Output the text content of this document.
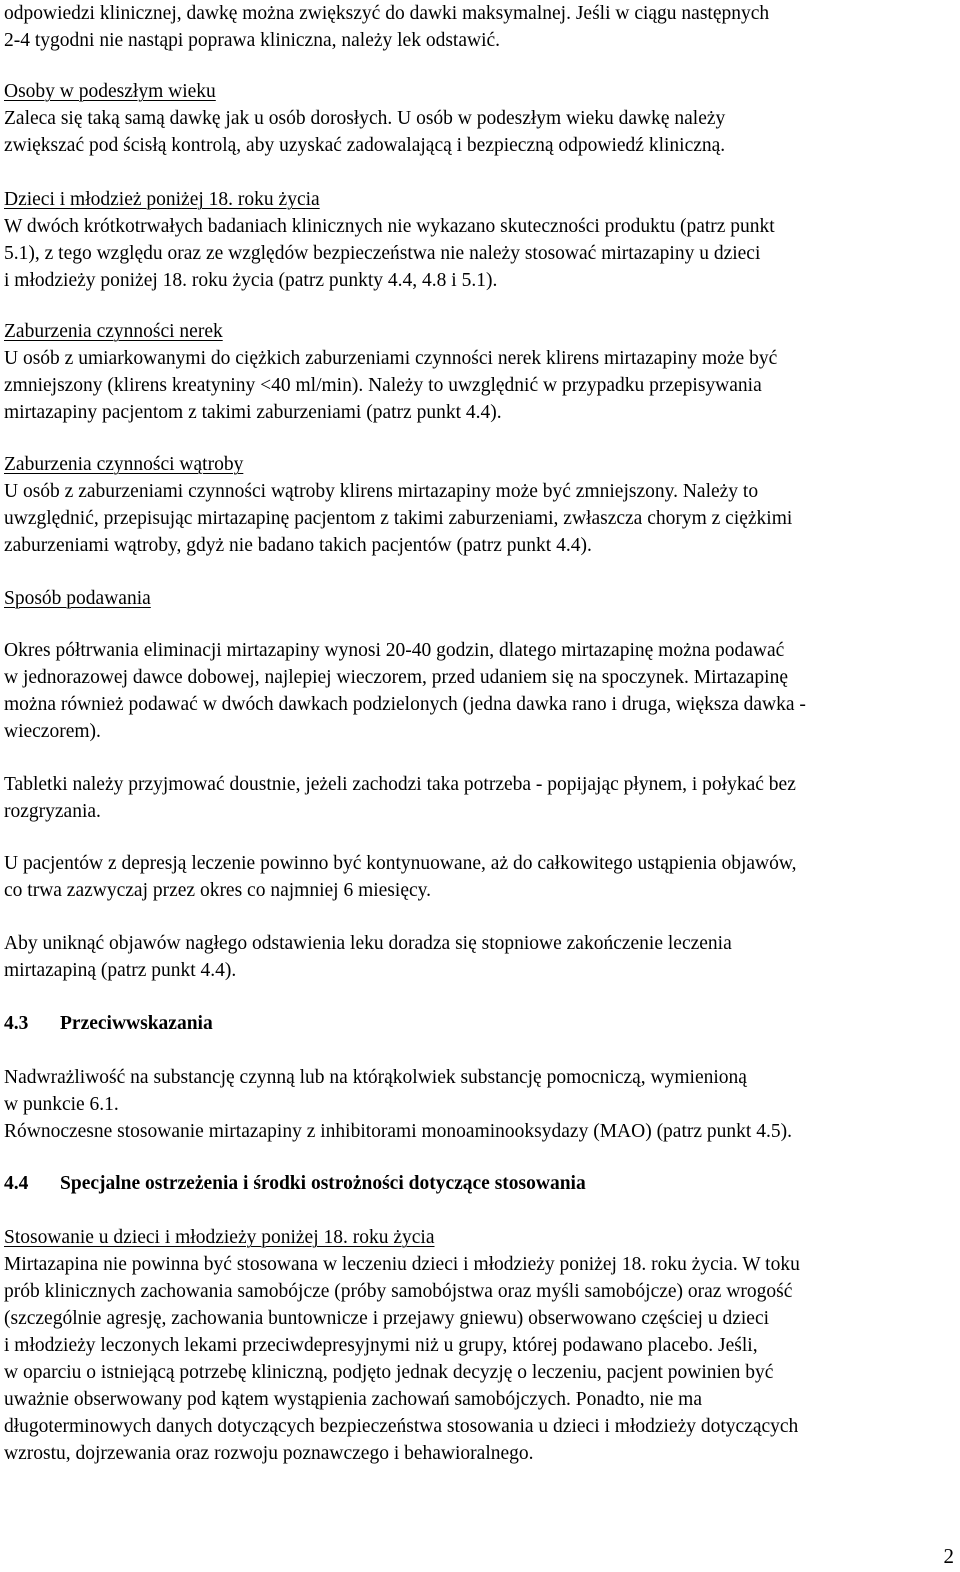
odpowiedzi klinicznej, dawkę można zwiększyć do dawki maksymalnej. Jeśli w ciągu następnych
2-4 tygodni nie nastąpi poprawa kliniczna, należy lek odstawić.
Osoby w podeszłym wieku
Zaleca się taką samą dawkę jak u osób dorosłych. U osób w podeszłym wieku dawkę należy
zwiększać pod ścisłą kontrolą, aby uzyskać zadowalającą i bezpieczną odpowiedź kliniczną.
Dzieci i młodzież poniżej 18. roku życia
W dwóch krótkotrwałych badaniach klinicznych nie wykazano skuteczności produktu (patrz punkt
5.1), z tego względu oraz ze względów bezpieczeństwa nie należy stosować mirtazapiny u dzieci
i młodzieży poniżej 18. roku życia (patrz punkty 4.4, 4.8 i 5.1).
Zaburzenia czynności nerek
U osób z umiarkowanymi do ciężkich zaburzeniami czynności nerek klirens mirtazapiny może być
zmniejszony (klirens kreatyniny <40 ml/min). Należy to uwzględnić w przypadku przepisywania
mirtazapiny pacjentom z takimi zaburzeniami (patrz punkt 4.4).
Zaburzenia czynności wątroby
U osób z zaburzeniami czynności wątroby klirens mirtazapiny może być zmniejszony. Należy to
uwzględnić, przepisując mirtazapinę pacjentom z takimi zaburzeniami, zwłaszcza chorym z ciężkimi
zaburzeniami wątroby, gdyż nie badano takich pacjentów (patrz punkt 4.4).
Sposób podawania
Okres półtrwania eliminacji mirtazapiny wynosi 20-40 godzin, dlatego mirtazapinę można podawać
w jednorazowej dawce dobowej, najlepiej wieczorem, przed udaniem się na spoczynek. Mirtazapinę
można również podawać w dwóch dawkach podzielonych (jedna dawka rano i druga, większa dawka -
wieczorem).
Tabletki należy przyjmować doustnie, jeżeli zachodzi taka potrzeba - popijając płynem, i połykać bez
rozgryzania.
U pacjentów z depresją leczenie powinno być kontynuowane, aż do całkowitego ustąpienia objawów,
co trwa zazwyczaj przez okres co najmniej 6 miesięcy.
Aby uniknąć objawów nagłego odstawienia leku doradza się stopniowe zakończenie leczenia
mirtazapiną (patrz punkt 4.4).
4.3 Przeciwwskazania
Nadwrażliwość na substancję czynną lub na którąkolwiek substancję pomocniczą, wymienioną
w punkcie 6.1.
Równoczesne stosowanie mirtazapiny z inhibitorami monoaminooksydazy (MAO) (patrz punkt 4.5).
4.4 Specjalne ostrzeżenia i środki ostrożności dotyczące stosowania
Stosowanie u dzieci i młodzieży poniżej 18. roku życia
Mirtazapina nie powinna być stosowana w leczeniu dzieci i młodzieży poniżej 18. roku życia. W toku
prób klinicznych zachowania samobójcze (próby samobójstwa oraz myśli samobójcze) oraz wrogość
(szczególnie agresję, zachowania buntownicze i przejawy gniewu) obserwowano częściej u dzieci
i młodzieży leczonych lekami przeciwdepresyjnymi niż u grupy, której podawano placebo. Jeśli,
w oparciu o istniejącą potrzebę kliniczną, podjęto jednak decyzję o leczeniu, pacjent powinien być
uważnie obserwowany pod kątem wystąpienia zachowań samobójczych. Ponadto, nie ma
długoterminowych danych dotyczących bezpieczeństwa stosowania u dzieci i młodzieży dotyczących
wzrostu, dojrzewania oraz rozwoju poznawczego i behawioralnego.
2
